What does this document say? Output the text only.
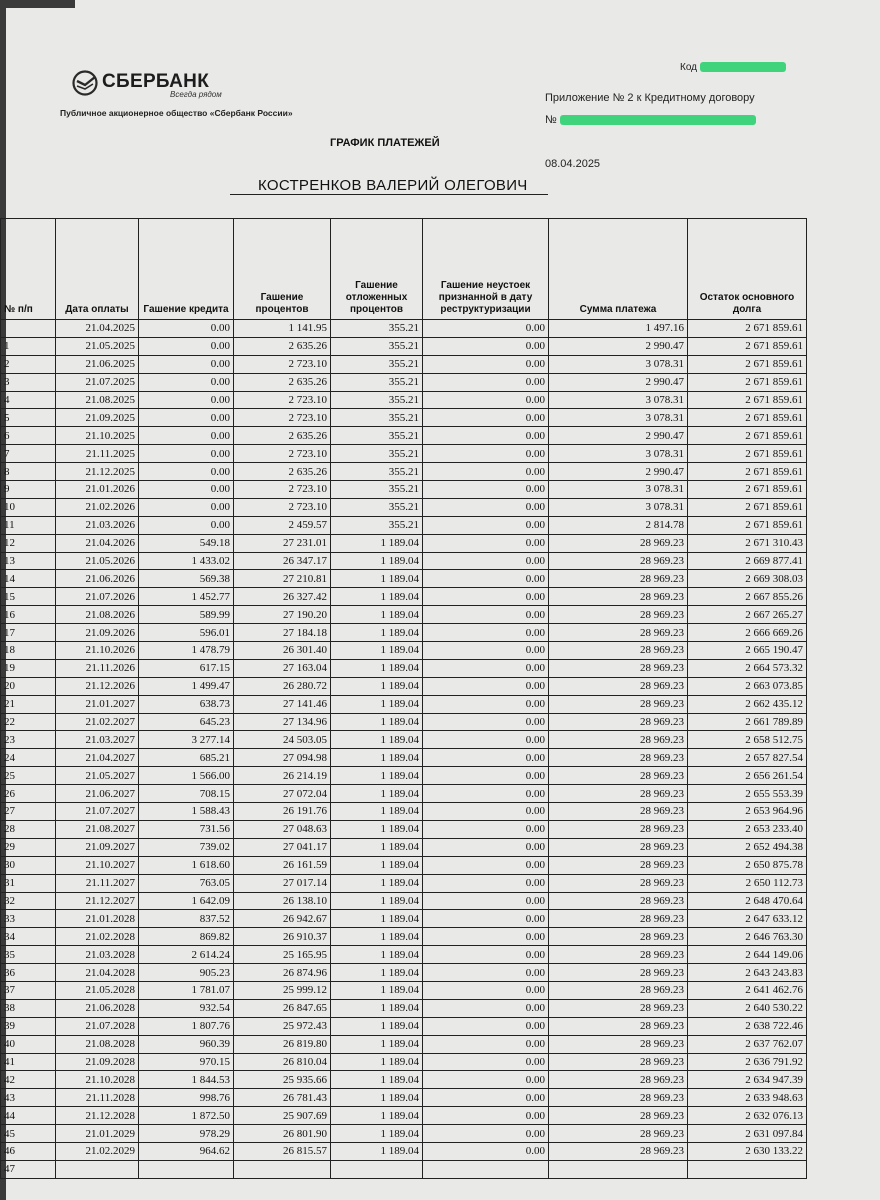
СБЕРБАНК
Всегда рядом
Публичное акционерное общество «Сбербанк России»
Код
Приложение № 2 к Кредитному договору
№
ГРАФИК ПЛАТЕЖЕЙ
08.04.2025
КОСТРЕНКОВ ВАЛЕРИЙ ОЛЕГОВИЧ
№ п/п	Дата оплаты	Гашение кредита	Гашение процентов	Гашение отложенных процентов	Гашение неустоек признанной в дату реструктуризации	Сумма платежа	Остаток основного долга
	21.04.2025	0.00	1 141.95	355.21	0.00	1 497.16	2 671 859.61
1	21.05.2025	0.00	2 635.26	355.21	0.00	2 990.47	2 671 859.61
2	21.06.2025	0.00	2 723.10	355.21	0.00	3 078.31	2 671 859.61
3	21.07.2025	0.00	2 635.26	355.21	0.00	2 990.47	2 671 859.61
4	21.08.2025	0.00	2 723.10	355.21	0.00	3 078.31	2 671 859.61
5	21.09.2025	0.00	2 723.10	355.21	0.00	3 078.31	2 671 859.61
6	21.10.2025	0.00	2 635.26	355.21	0.00	2 990.47	2 671 859.61
7	21.11.2025	0.00	2 723.10	355.21	0.00	3 078.31	2 671 859.61
8	21.12.2025	0.00	2 635.26	355.21	0.00	2 990.47	2 671 859.61
9	21.01.2026	0.00	2 723.10	355.21	0.00	3 078.31	2 671 859.61
10	21.02.2026	0.00	2 723.10	355.21	0.00	3 078.31	2 671 859.61
11	21.03.2026	0.00	2 459.57	355.21	0.00	2 814.78	2 671 859.61
12	21.04.2026	549.18	27 231.01	1 189.04	0.00	28 969.23	2 671 310.43
13	21.05.2026	1 433.02	26 347.17	1 189.04	0.00	28 969.23	2 669 877.41
14	21.06.2026	569.38	27 210.81	1 189.04	0.00	28 969.23	2 669 308.03
15	21.07.2026	1 452.77	26 327.42	1 189.04	0.00	28 969.23	2 667 855.26
16	21.08.2026	589.99	27 190.20	1 189.04	0.00	28 969.23	2 667 265.27
17	21.09.2026	596.01	27 184.18	1 189.04	0.00	28 969.23	2 666 669.26
18	21.10.2026	1 478.79	26 301.40	1 189.04	0.00	28 969.23	2 665 190.47
19	21.11.2026	617.15	27 163.04	1 189.04	0.00	28 969.23	2 664 573.32
20	21.12.2026	1 499.47	26 280.72	1 189.04	0.00	28 969.23	2 663 073.85
21	21.01.2027	638.73	27 141.46	1 189.04	0.00	28 969.23	2 662 435.12
22	21.02.2027	645.23	27 134.96	1 189.04	0.00	28 969.23	2 661 789.89
23	21.03.2027	3 277.14	24 503.05	1 189.04	0.00	28 969.23	2 658 512.75
24	21.04.2027	685.21	27 094.98	1 189.04	0.00	28 969.23	2 657 827.54
25	21.05.2027	1 566.00	26 214.19	1 189.04	0.00	28 969.23	2 656 261.54
26	21.06.2027	708.15	27 072.04	1 189.04	0.00	28 969.23	2 655 553.39
27	21.07.2027	1 588.43	26 191.76	1 189.04	0.00	28 969.23	2 653 964.96
28	21.08.2027	731.56	27 048.63	1 189.04	0.00	28 969.23	2 653 233.40
29	21.09.2027	739.02	27 041.17	1 189.04	0.00	28 969.23	2 652 494.38
30	21.10.2027	1 618.60	26 161.59	1 189.04	0.00	28 969.23	2 650 875.78
31	21.11.2027	763.05	27 017.14	1 189.04	0.00	28 969.23	2 650 112.73
32	21.12.2027	1 642.09	26 138.10	1 189.04	0.00	28 969.23	2 648 470.64
33	21.01.2028	837.52	26 942.67	1 189.04	0.00	28 969.23	2 647 633.12
34	21.02.2028	869.82	26 910.37	1 189.04	0.00	28 969.23	2 646 763.30
35	21.03.2028	2 614.24	25 165.95	1 189.04	0.00	28 969.23	2 644 149.06
36	21.04.2028	905.23	26 874.96	1 189.04	0.00	28 969.23	2 643 243.83
37	21.05.2028	1 781.07	25 999.12	1 189.04	0.00	28 969.23	2 641 462.76
38	21.06.2028	932.54	26 847.65	1 189.04	0.00	28 969.23	2 640 530.22
39	21.07.2028	1 807.76	25 972.43	1 189.04	0.00	28 969.23	2 638 722.46
40	21.08.2028	960.39	26 819.80	1 189.04	0.00	28 969.23	2 637 762.07
41	21.09.2028	970.15	26 810.04	1 189.04	0.00	28 969.23	2 636 791.92
42	21.10.2028	1 844.53	25 935.66	1 189.04	0.00	28 969.23	2 634 947.39
43	21.11.2028	998.76	26 781.43	1 189.04	0.00	28 969.23	2 633 948.63
44	21.12.2028	1 872.50	25 907.69	1 189.04	0.00	28 969.23	2 632 076.13
45	21.01.2029	978.29	26 801.90	1 189.04	0.00	28 969.23	2 631 097.84
46	21.02.2029	964.62	26 815.57	1 189.04	0.00	28 969.23	2 630 133.22
47							
